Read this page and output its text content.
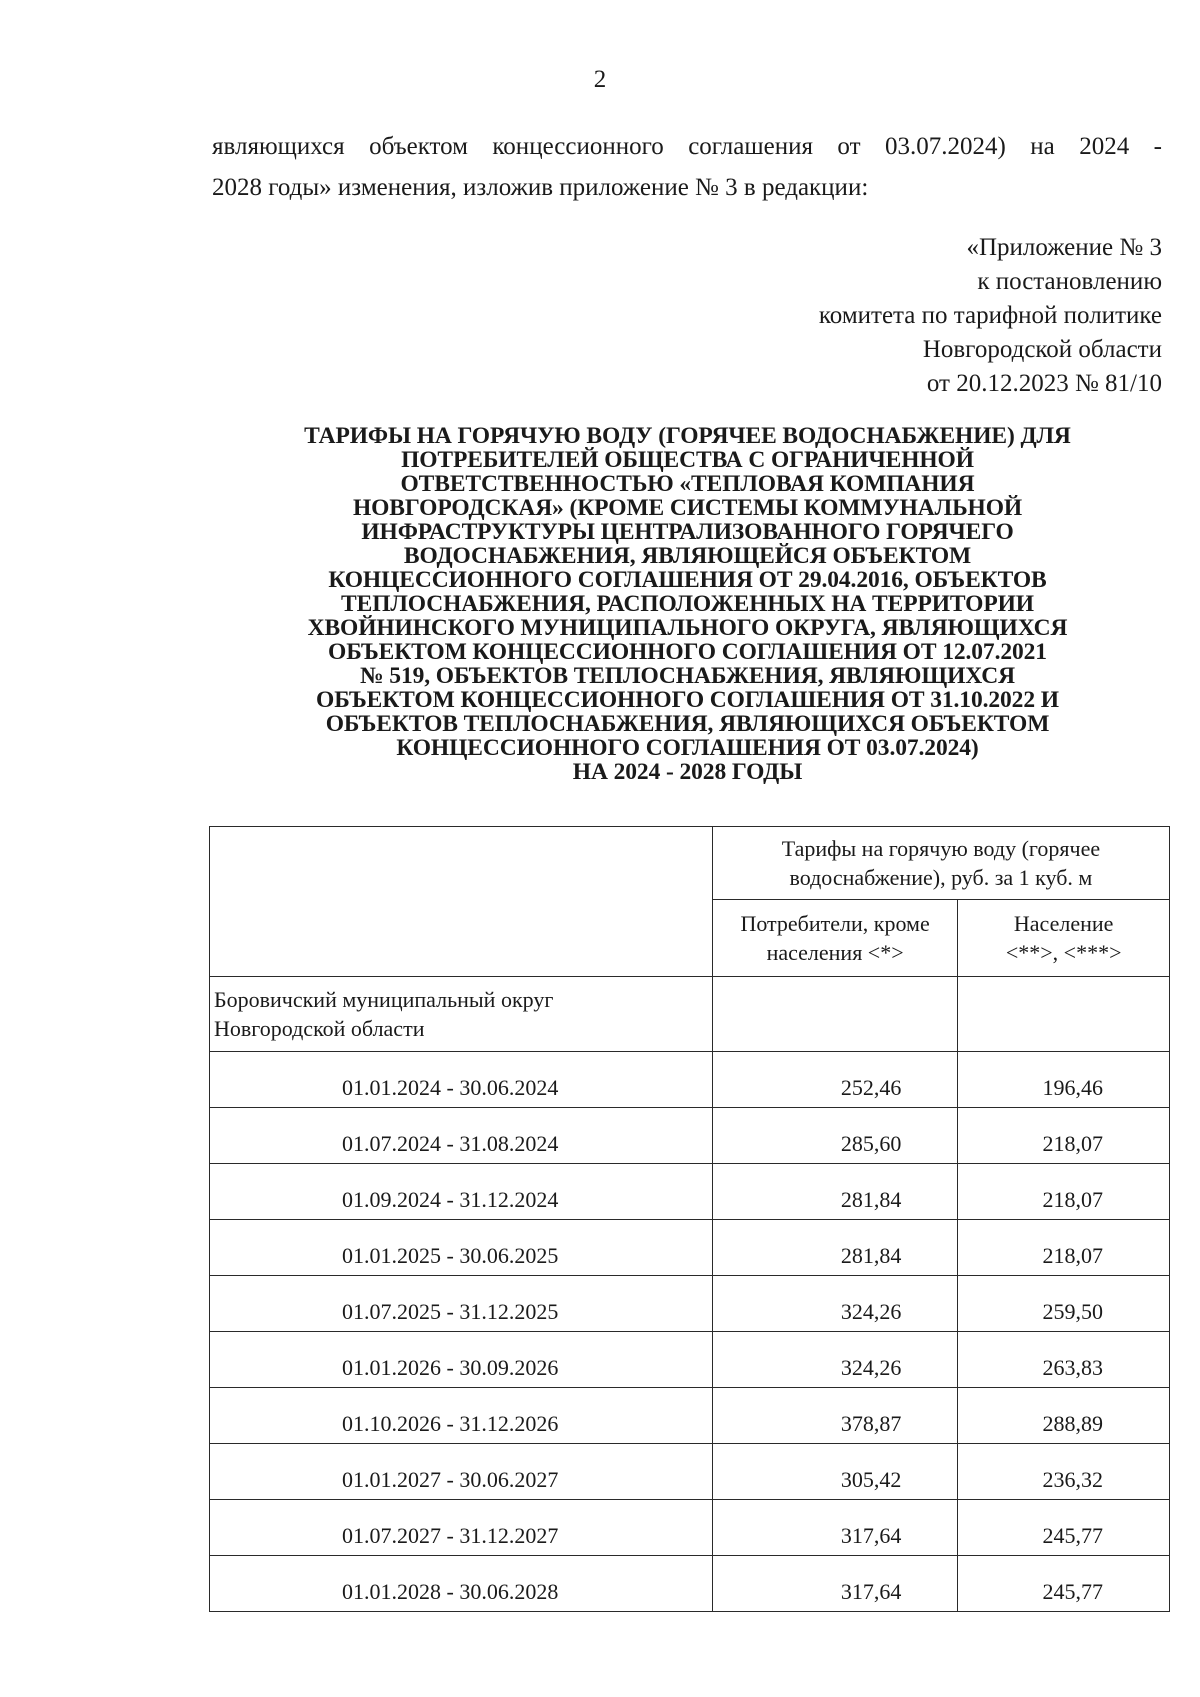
2
являющихся объектом концессионного соглашения от 03.07.2024) на 2024 -
2028 годы» изменения, изложив приложение № 3 в редакции:
«Приложение № 3
к постановлению
комитета по тарифной политике
Новгородской области
от 20.12.2023 № 81/10
ТАРИФЫ НА ГОРЯЧУЮ ВОДУ (ГОРЯЧЕЕ ВОДОСНАБЖЕНИЕ) ДЛЯ
ПОТРЕБИТЕЛЕЙ ОБЩЕСТВА С ОГРАНИЧЕННОЙ
ОТВЕТСТВЕННОСТЬЮ «ТЕПЛОВАЯ КОМПАНИЯ
НОВГОРОДСКАЯ» (КРОМЕ СИСТЕМЫ КОММУНАЛЬНОЙ
ИНФРАСТРУКТУРЫ ЦЕНТРАЛИЗОВАННОГО ГОРЯЧЕГО
ВОДОСНАБЖЕНИЯ, ЯВЛЯЮЩЕЙСЯ ОБЪЕКТОМ
КОНЦЕССИОННОГО СОГЛАШЕНИЯ ОТ 29.04.2016, ОБЪЕКТОВ
ТЕПЛОСНАБЖЕНИЯ, РАСПОЛОЖЕННЫХ НА ТЕРРИТОРИИ
ХВОЙНИНСКОГО МУНИЦИПАЛЬНОГО ОКРУГА, ЯВЛЯЮЩИХСЯ
ОБЪЕКТОМ КОНЦЕССИОННОГО СОГЛАШЕНИЯ ОТ 12.07.2021
№ 519, ОБЪЕКТОВ ТЕПЛОСНАБЖЕНИЯ, ЯВЛЯЮЩИХСЯ
ОБЪЕКТОМ КОНЦЕССИОННОГО СОГЛАШЕНИЯ ОТ 31.10.2022 И
ОБЪЕКТОВ ТЕПЛОСНАБЖЕНИЯ, ЯВЛЯЮЩИХСЯ ОБЪЕКТОМ
КОНЦЕССИОННОГО СОГЛАШЕНИЯ ОТ 03.07.2024)
НА 2024 - 2028 ГОДЫ

	Тарифы на горячую воду (горячее
водоснабжение), руб. за 1 куб. м	

	Потребители, кроме
населения <*>	Население
<**>, <***>

Боровичский муниципальный округ
Новгородской области		

01.01.2024 - 30.06.2024	252,46	196,46
01.07.2024 - 31.08.2024	285,60	218,07
01.09.2024 - 31.12.2024	281,84	218,07
01.01.2025 - 30.06.2025	281,84	218,07
01.07.2025 - 31.12.2025	324,26	259,50
01.01.2026 - 30.09.2026	324,26	263,83
01.10.2026 - 31.12.2026	378,87	288,89
01.01.2027 - 30.06.2027	305,42	236,32
01.07.2027 - 31.12.2027	317,64	245,77
01.01.2028 - 30.06.2028	317,64	245,77
